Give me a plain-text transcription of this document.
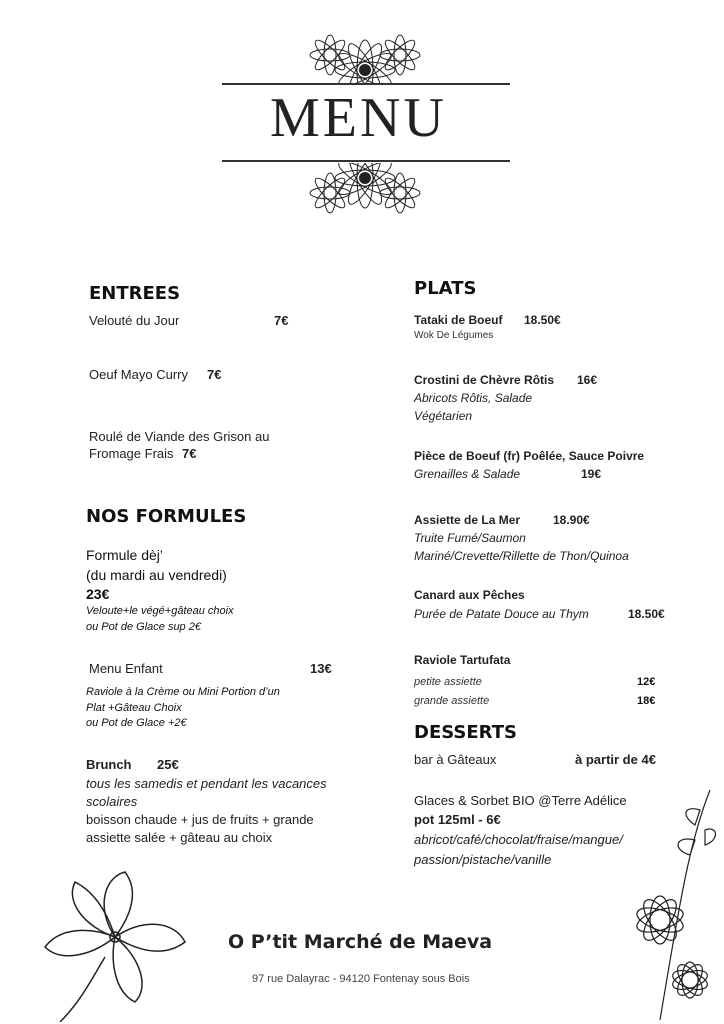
MENU
ENTREES
Velouté du Jour	7€
Oeuf Mayo Curry 7€
Roulé de Viande des Grison au
Fromage Frais 7€
NOS FORMULES
Formule dèj’
(du mardi au vendredi)
23€
Veloute+le végé+gâteau choix
ou Pot de Glace sup 2€
Menu Enfant	13€
Raviole à la Crème ou Mini Portion d’un
Plat +Gâteau Choix
ou Pot de Glace +2€
Brunch 25€
tous les samedis et pendant les vacances
scolaires
boisson chaude + jus de fruits + grande
assiette salée + gâteau au choix
PLATS
Tataki de Boeuf 18.50€
Wok De Légumes
Crostini de Chèvre Rôtis 16€
Abricots Rôtis, Salade
Végétarien
Pièce de Boeuf (fr) Poêlée, Sauce Poivre
Grenailles & Salade	19€
Assiette de La Mer	18.90€
Truite Fumé/Saumon
Mariné/Crevette/Rillette de Thon/Quinoa
Canard aux Pêches
Purée de Patate Douce au Thym	18.50€
Raviole Tartufata
petite assiette	12€
grande assiette	18€
DESSERTS
bar à Gâteaux	à partir de 4€
Glaces & Sorbet BIO @Terre Adélice
pot 125ml - 6€
abricot/café/chocolat/fraise/mangue/
passion/pistache/vanille
O P’tit Marché de Maeva
97 rue Dalayrac - 94120 Fontenay sous Bois
